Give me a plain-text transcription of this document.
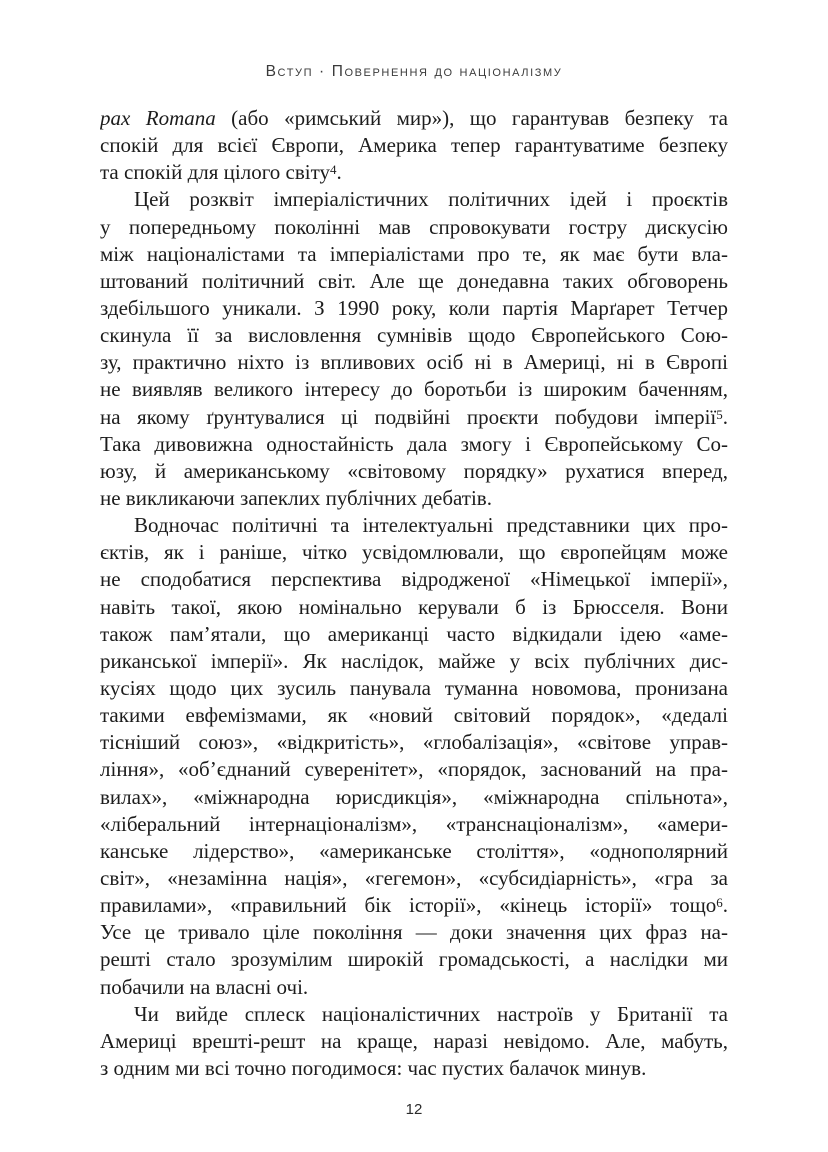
Вступ · Повернення до націоналізму
pax Romana (або «римський мир»), що гарантував безпеку та
спокій для всієї Європи, Америка тепер гарантуватиме безпеку
та спокій для цілого світу$^4$.
Цей розквіт імперіалістичних політичних ідей і проєктів
у попередньому поколінні мав спровокувати гостру дискусію
між націоналістами та імперіалістами про те, як має бути вла-
штований політичний світ. Але ще донедавна таких обговорень
здебільшого уникали. З 1990 року, коли партія Марґарет Тетчер
скинула її за висловлення сумнівів щодо Європейського Сою-
зу, практично ніхто із впливових осіб ні в Америці, ні в Європі
не виявляв великого інтересу до боротьби із широким баченням,
на якому ґрунтувалися ці подвійні проєкти побудови імперії$^5$.
Така дивовижна одностайність дала змогу і Європейському Со-
юзу, й американському «світовому порядку» рухатися вперед,
не викликаючи запеклих публічних дебатів.
Водночас політичні та інтелектуальні представники цих про-
єктів, як і раніше, чітко усвідомлювали, що європейцям може
не сподобатися перспектива відродженої «Німецької імперії»,
навіть такої, якою номінально керували б із Брюсселя. Вони
також пам’ятали, що американці часто відкидали ідею «аме-
риканської імперії». Як наслідок, майже у всіх публічних дис-
кусіях щодо цих зусиль панувала туманна новомова, пронизана
такими евфемізмами, як «новий світовий порядок», «дедалі
тісніший союз», «відкритість», «глобалізація», «світове управ-
ління», «об’єднаний суверенітет», «порядок, заснований на пра-
вилах», «міжнародна юрисдикція», «міжнародна спільнота»,
«ліберальний інтернаціоналізм», «транснаціоналізм», «амери-
канське лідерство», «американське століття», «однополярний
світ», «незамінна нація», «гегемон», «субсидіарність», «гра за
правилами», «правильний бік історії», «кінець історії» тощо$^6$.
Усе це тривало ціле покоління — доки значення цих фраз на-
решті стало зрозумілим широкій громадськості, а наслідки ми
побачили на власні очі.
Чи вийде сплеск націоналістичних настроїв у Британії та
Америці врешті-решт на краще, наразі невідомо. Але, мабуть,
з одним ми всі точно погодимося: час пустих балачок минув.
12
